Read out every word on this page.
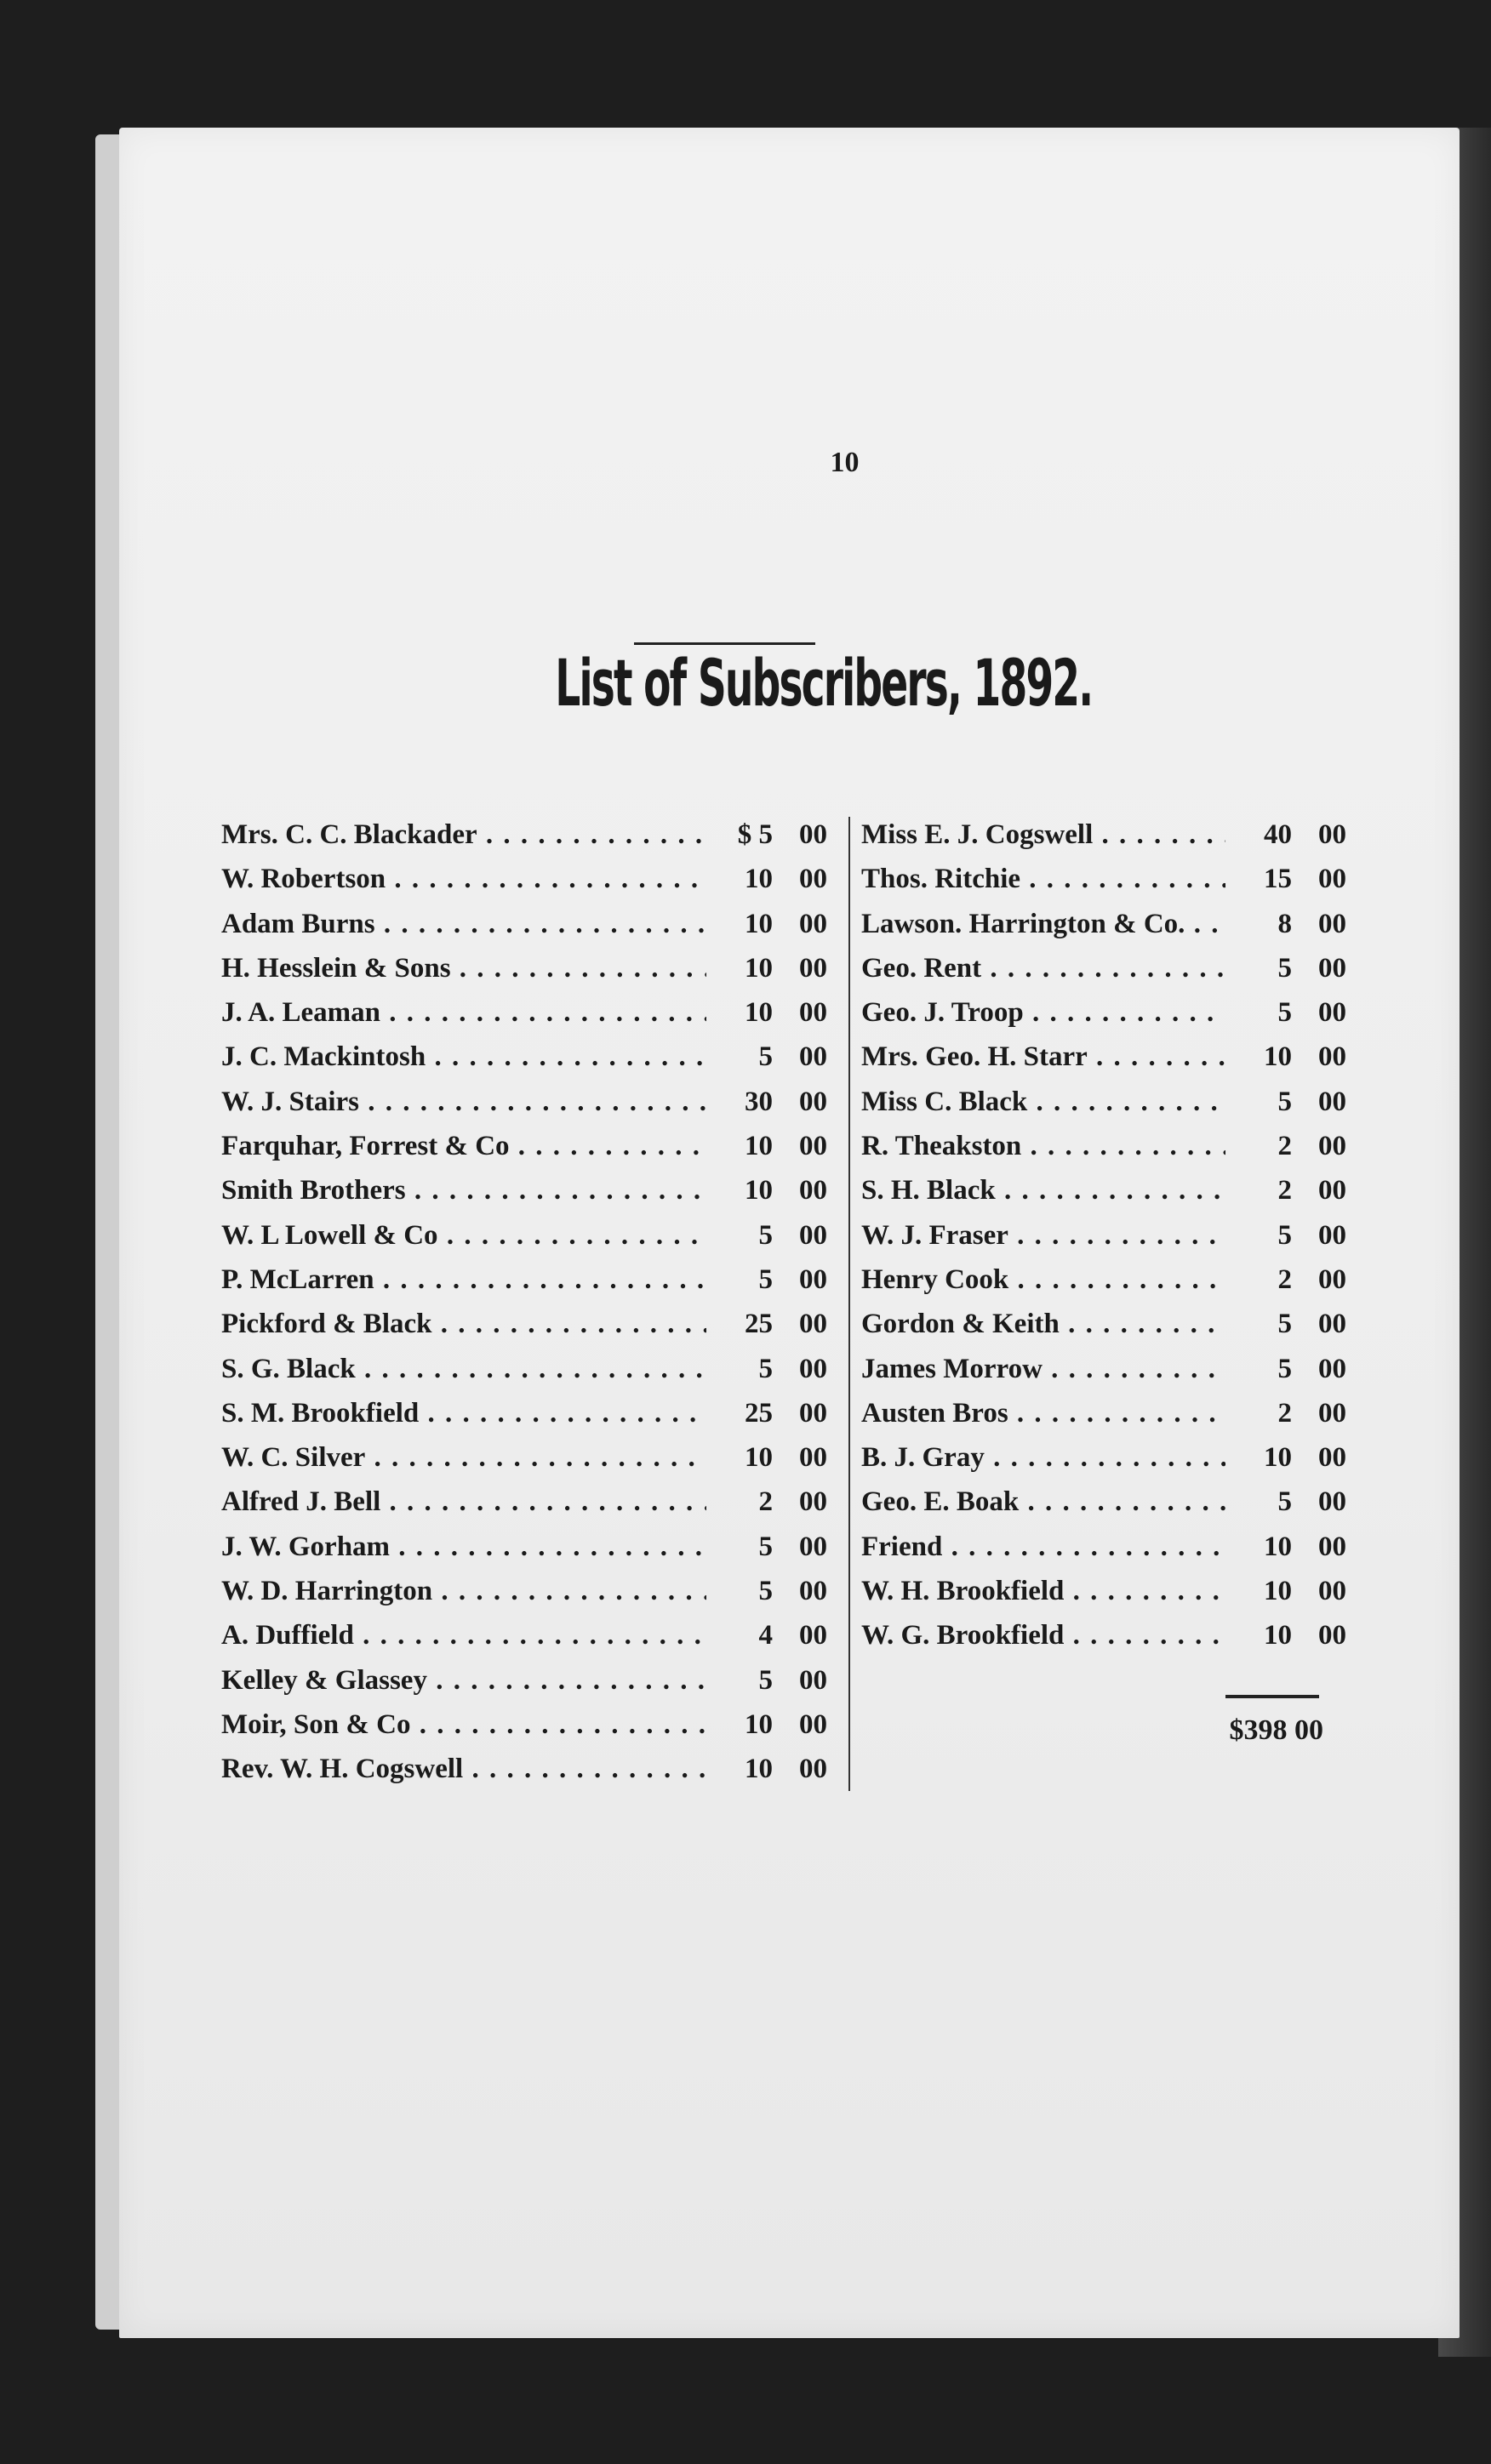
10
List of Subscribers, 1892.
Mrs. C. C. Blackader . . .	$ 5 00
W. Robertson . . .	10 00
Adam Burns . . .	10 00
H. Hesslein & Sons . . .	10 00
J. A. Leaman . . .	10 00
J. C. Mackintosh . . .	5 00
W. J. Stairs . . .	30 00
Farquhar, Forrest & Co . . .	10 00
Smith Brothers . . .	10 00
W. L Lowell & Co . . .	5 00
P. McLarren . . .	5 00
Pickford & Black . . .	25 00
S. G. Black . . .	5 00
S. M. Brookfield . . .	25 00
W. C. Silver . . .	10 00
Alfred J. Bell . . .	2 00
J. W. Gorham . . .	5 00
W. D. Harrington . . .	5 00
A. Duffield . . .	4 00
Kelley & Glassey . . .	5 00
Moir, Son & Co . . .	10 00
Rev. W. H. Cogswell . . .	10 00
Miss E. J. Cogswell . . .	40 00
Thos. Ritchie . . .	15 00
Lawson. Harrington & Co. . . .	8 00
Geo. Rent . . .	5 00
Geo. J. Troop . . .	5 00
Mrs. Geo. H. Starr . . .	10 00
Miss C. Black . . .	5 00
R. Theakston . . .	2 00
S. H. Black . . .	2 00
W. J. Fraser . . .	5 00
Henry Cook . . .	2 00
Gordon & Keith . . .	5 00
James Morrow . . .	5 00
Austen Bros . . .	2 00
B. J. Gray . . .	10 00
Geo. E. Boak . . .	5 00
Friend . . .	10 00
W. H. Brookfield . . .	10 00
W. G. Brookfield . . .	10 00
$398 00
